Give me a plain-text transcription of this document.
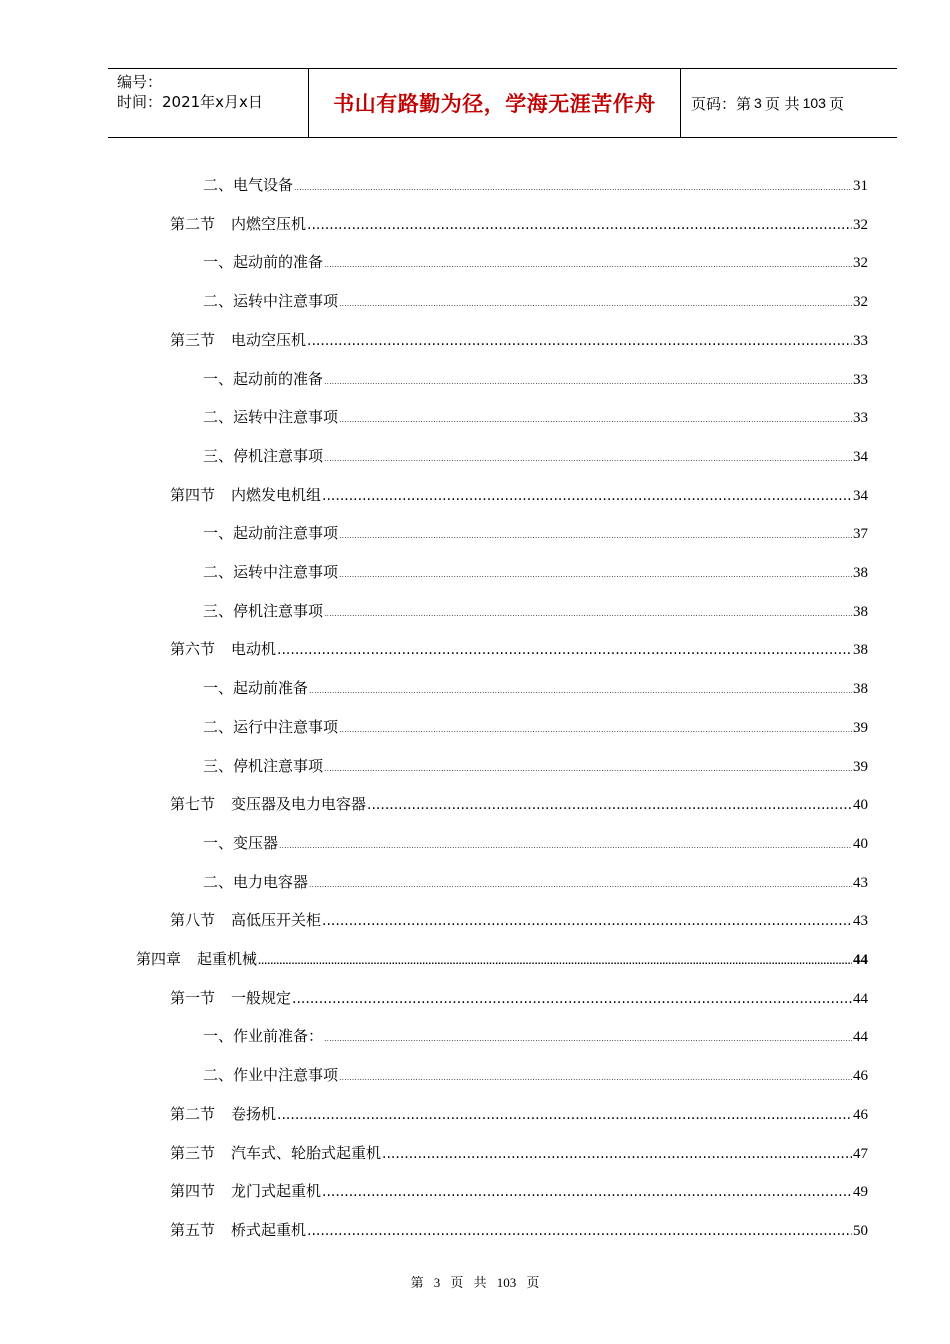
编号：
时间：2021年x月x日	书山有路勤为径，学海无涯苦作舟 页码：第 3 页 共 103 页
二、电气设备 .....	31
第二节 内燃空压机 .....	32
一、起动前的准备 .....	32
二、运转中注意事项 .....	32
第三节 电动空压机 .....	33
一、起动前的准备 .....	33
二、运转中注意事项 .....	33
三、停机注意事项 .....	34
第四节 内燃发电机组 .....	34
一、起动前注意事项 .....	37
二、运转中注意事项 .....	38
三、停机注意事项 .....	38
第六节 电动机 .....	38
一、起动前准备 .....	38
二、运行中注意事项 .....	39
三、停机注意事项 .....	39
第七节 变压器及电力电容器 .....	40
一、变压器 .....	40
二、电力电容器 .....	43
第八节 高低压开关柜 .....	43
第四章 起重机械 .....	44
第一节 一般规定 .....	44
一、作业前准备： .....	44
二、作业中注意事项 .....	46
第二节 卷扬机 .....	46
第三节 汽车式、轮胎式起重机 .....	47
第四节 龙门式起重机 .....	49
第五节 桥式起重机 .....	50
第 3 页 共 103 页
